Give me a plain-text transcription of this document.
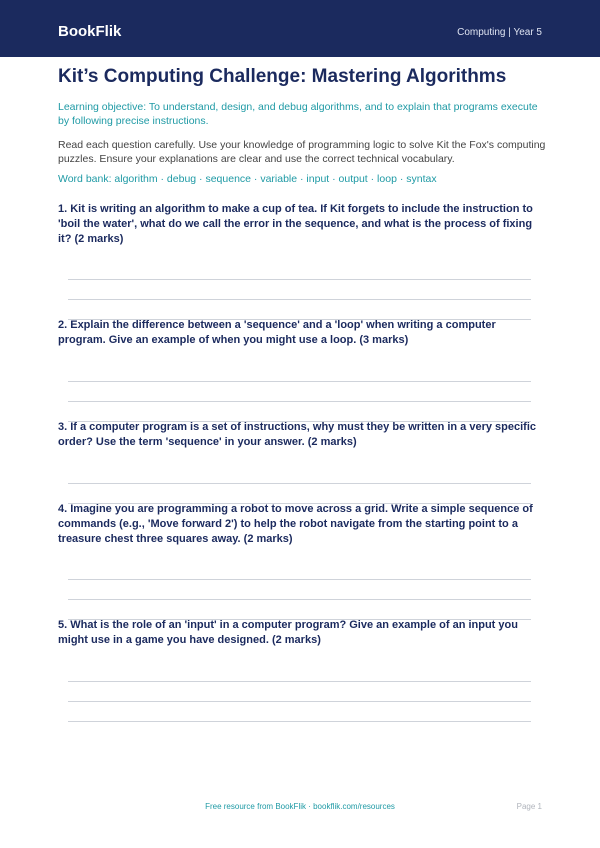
BookFlik	Computing | Year 5
Kit’s Computing Challenge: Mastering Algorithms

Learning objective: To understand, design, and debug algorithms, and to explain that programs execute by following precise instructions.

Read each question carefully. Use your knowledge of programming logic to solve Kit the Fox's computing puzzles. Ensure your explanations are clear and use the correct technical vocabulary.

Word bank: algorithm · debug · sequence · variable · input · output · loop · syntax

1. Kit is writing an algorithm to make a cup of tea. If Kit forgets to include the instruction to 'boil the water', what do we call the error in the sequence, and what is the process of fixing it? (2 marks)

2. Explain the difference between a 'sequence' and a 'loop' when writing a computer program. Give an example of when you might use a loop. (3 marks)

3. If a computer program is a set of instructions, why must they be written in a very specific order? Use the term 'sequence' in your answer. (2 marks)

4. Imagine you are programming a robot to move across a grid. Write a simple sequence of commands (e.g., 'Move forward 2') to help the robot navigate from the starting point to a treasure chest three squares away. (2 marks)

5. What is the role of an 'input' in a computer program? Give an example of an input you might use in a game you have designed. (2 marks)

Free resource from BookFlik · bookflik.com/resources	Page 1
